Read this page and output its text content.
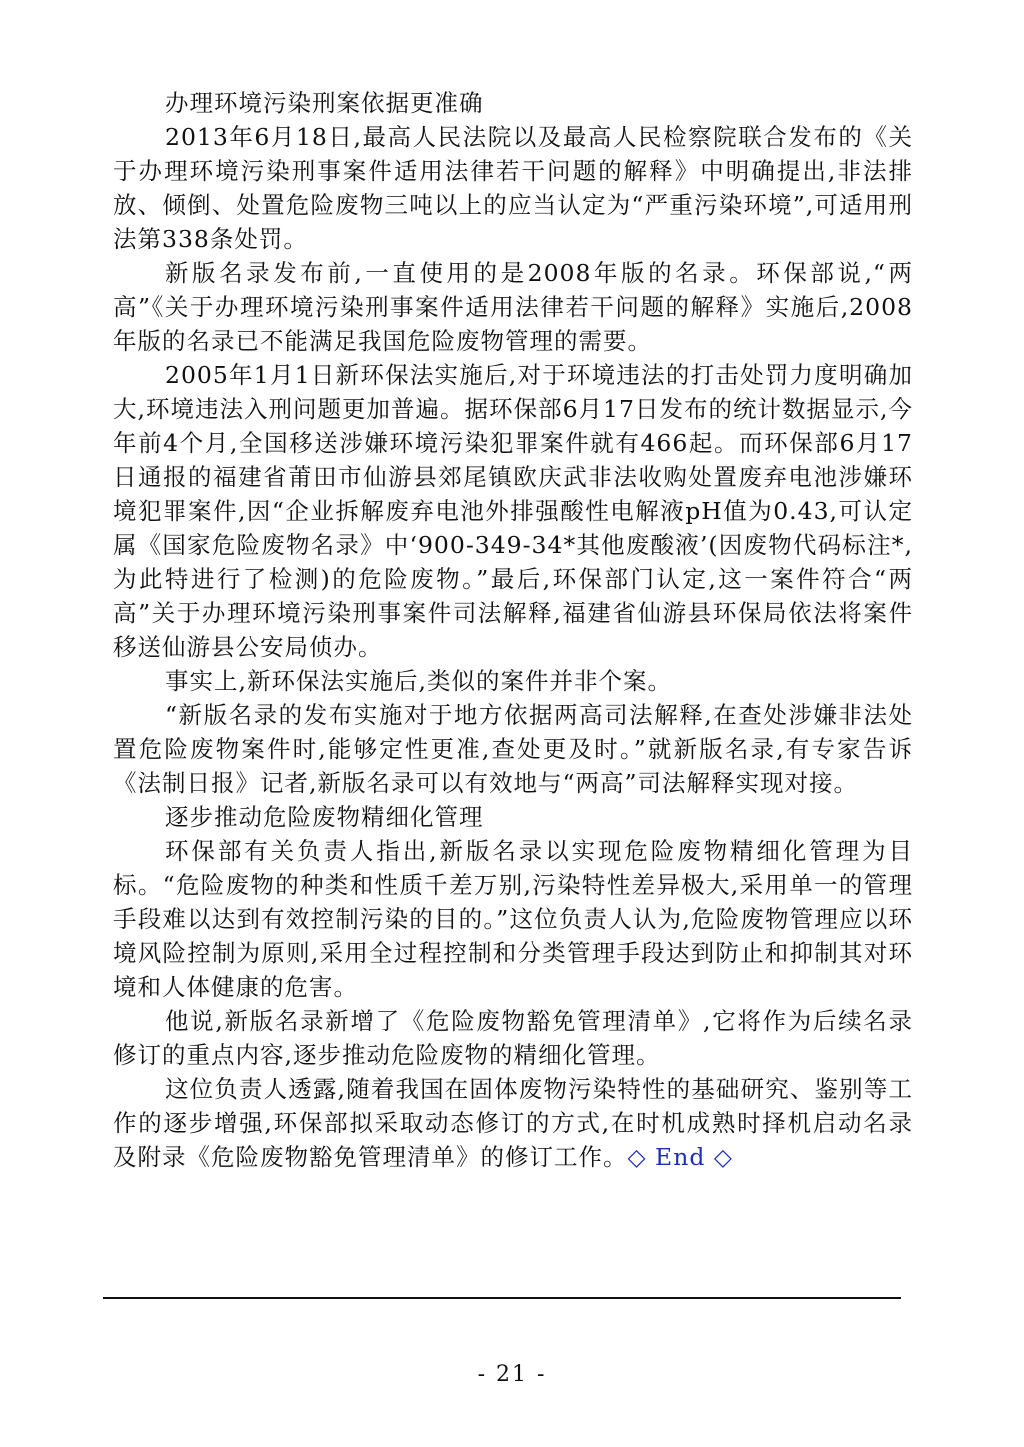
办理环境污染刑案依据更准确

2013年6月18日,最高人民法院以及最高人民检察院联合发布的《关于办理环境污染刑事案件适用法律若干问题的解释》中明确提出,非法排放、倾倒、处置危险废物三吨以上的应当认定为“严重污染环境”,可适用刑法第338条处罚。

新版名录发布前,一直使用的是2008年版的名录。环保部说,“两高”《关于办理环境污染刑事案件适用法律若干问题的解释》实施后,2008年版的名录已不能满足我国危险废物管理的需要。

2005年1月1日新环保法实施后,对于环境违法的打击处罚力度明确加大,环境违法入刑问题更加普遍。据环保部6月17日发布的统计数据显示,今年前4个月,全国移送涉嫌环境污染犯罪案件就有466起。而环保部6月17日通报的福建省莆田市仙游县郊尾镇欧庆武非法收购处置废弃电池涉嫌环境犯罪案件,因“企业拆解废弃电池外排强酸性电解液pH值为0.43,可认定属《国家危险废物名录》中‘900-349-34*其他废酸液’(因废物代码标注*,为此特进行了检测)的危险废物。”最后,环保部门认定,这一案件符合“两高”关于办理环境污染刑事案件司法解释,福建省仙游县环保局依法将案件移送仙游县公安局侦办。

事实上,新环保法实施后,类似的案件并非个案。

“新版名录的发布实施对于地方依据两高司法解释,在查处涉嫌非法处置危险废物案件时,能够定性更准,查处更及时。”就新版名录,有专家告诉《法制日报》记者,新版名录可以有效地与“两高”司法解释实现对接。

逐步推动危险废物精细化管理

环保部有关负责人指出,新版名录以实现危险废物精细化管理为目标。“危险废物的种类和性质千差万别,污染特性差异极大,采用单一的管理手段难以达到有效控制污染的目的。”这位负责人认为,危险废物管理应以环境风险控制为原则,采用全过程控制和分类管理手段达到防止和抑制其对环境和人体健康的危害。

他说,新版名录新增了《危险废物豁免管理清单》,它将作为后续名录修订的重点内容,逐步推动危险废物的精细化管理。

这位负责人透露,随着我国在固体废物污染特性的基础研究、鉴别等工作的逐步增强,环保部拟采取动态修订的方式,在时机成熟时择机启动名录及附录《危险废物豁免管理清单》的修订工作。◇ End ◇

- 21 -
